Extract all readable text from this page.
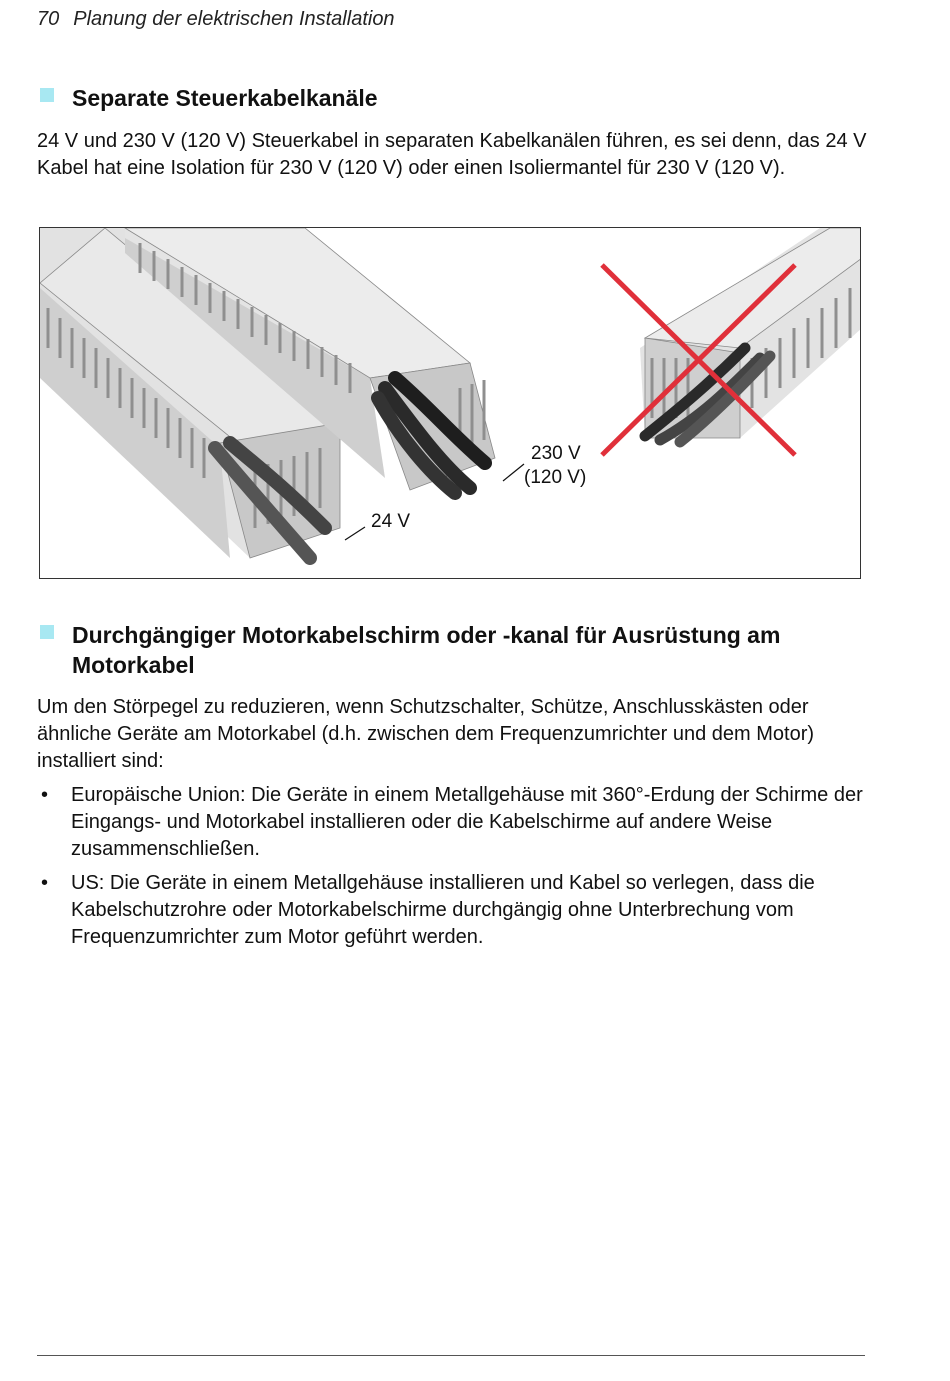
70 Planung der elektrischen Installation
Separate Steuerkabelkanäle
24 V und 230 V (120 V) Steuerkabel in separaten Kabelkanälen führen, es sei denn, das 24 V Kabel hat eine Isolation für 230 V (120 V) oder einen Isoliermantel für 230 V (120 V).
24 V
230 V
(120 V)
Durchgängiger Motorkabelschirm oder -kanal für Ausrüstung am Motorkabel
Um den Störpegel zu reduzieren, wenn Schutzschalter, Schütze, Anschlusskästen oder ähnliche Geräte am Motorkabel (d.h. zwischen dem Frequenzumrichter und dem Motor) installiert sind:
• Europäische Union: Die Geräte in einem Metallgehäuse mit 360°-Erdung der Schirme der Eingangs- und Motorkabel installieren oder die Kabelschirme auf andere Weise zusammenschließen.
• US: Die Geräte in einem Metallgehäuse installieren und Kabel so verlegen, dass die Kabelschutzrohre oder Motorkabelschirme durchgängig ohne Unterbrechung vom Frequenzumrichter zum Motor geführt werden.
